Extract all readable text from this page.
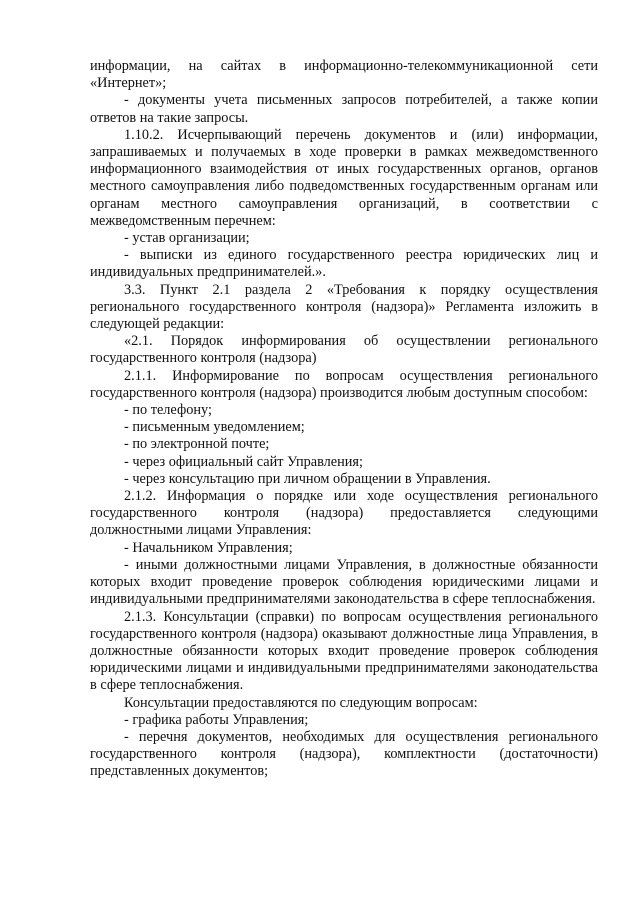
информации, на сайтах в информационно-телекоммуникационной сети «Интернет»;

- документы учета письменных запросов потребителей, а также копии ответов на такие запросы.

1.10.2. Исчерпывающий перечень документов и (или) информации, запрашиваемых и получаемых в ходе проверки в рамках межведомственного информационного взаимодействия от иных государственных органов, органов местного самоуправления либо подведомственных государственным органам или органам местного самоуправления организаций, в соответствии с межведомственным перечнем:

- устав организации;

- выписки из единого государственного реестра юридических лиц и индивидуальных предпринимателей.».

3.3. Пункт 2.1 раздела 2 «Требования к порядку осуществления регионального государственного контроля (надзора)» Регламента изложить в следующей редакции:

«2.1. Порядок информирования об осуществлении регионального государственного контроля (надзора)

2.1.1. Информирование по вопросам осуществления регионального государственного контроля (надзора) производится любым доступным способом:

- по телефону;

- письменным уведомлением;

- по электронной почте;

- через официальный сайт Управления;

- через консультацию при личном обращении в Управления.

2.1.2. Информация о порядке или ходе осуществления регионального государственного контроля (надзора) предоставляется следующими должностными лицами Управления:

- Начальником Управления;

- иными должностными лицами Управления, в должностные обязанности которых входит проведение проверок соблюдения юридическими лицами и индивидуальными предпринимателями законодательства в сфере теплоснабжения.

2.1.3. Консультации (справки) по вопросам осуществления регионального государственного контроля (надзора) оказывают должностные лица Управления, в должностные обязанности которых входит проведение проверок соблюдения юридическими лицами и индивидуальными предпринимателями законодательства в сфере теплоснабжения.

Консультации предоставляются по следующим вопросам:

- графика работы Управления;

- перечня документов, необходимых для осуществления регионального государственного контроля (надзора), комплектности (достаточности) представленных документов;
